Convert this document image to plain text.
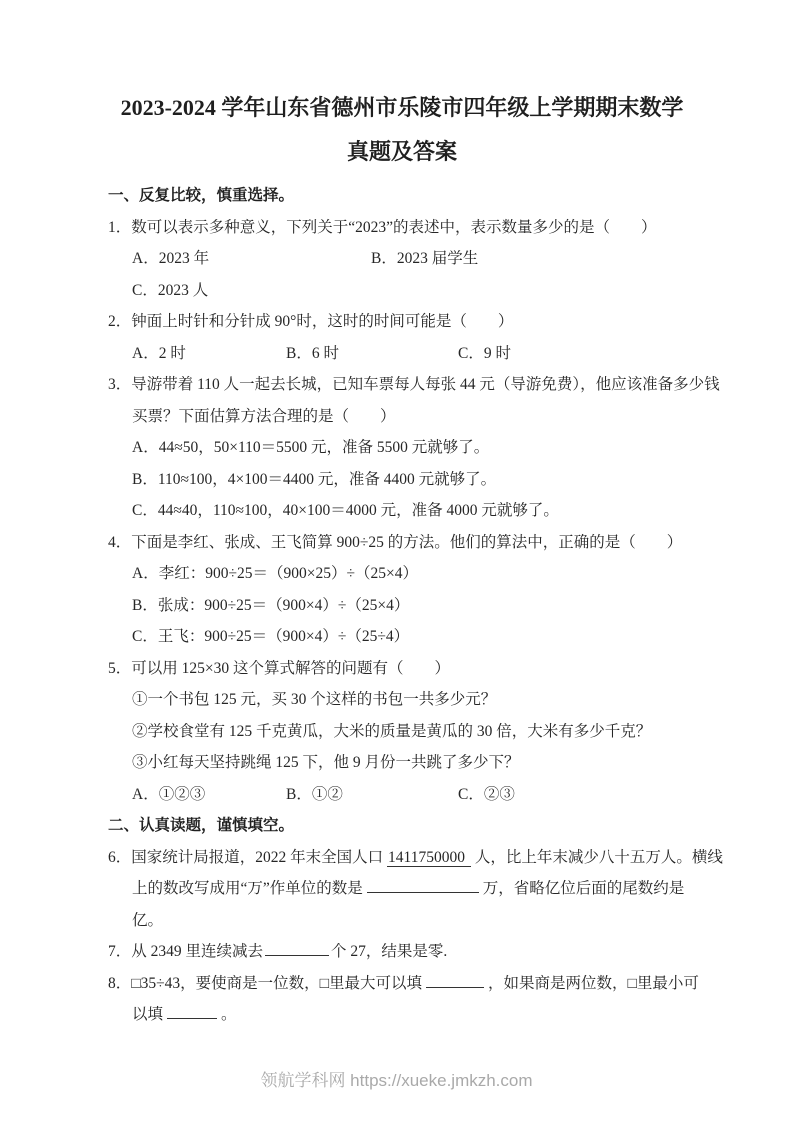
2023-2024 学年山东省德州市乐陵市四年级上学期期末数学
真题及答案
一、反复比较，慎重选择。
1．数可以表示多种意义，下列关于“2023”的表述中，表示数量多少的是（　　）
A．2023 年	B．2023 届学生
C．2023 人
2．钟面上时针和分针成 90°时，这时的时间可能是（　　）
A．2 时	B．6 时	C．9 时
3．导游带着 110 人一起去长城，已知车票每人每张 44 元（导游免费），他应该准备多少钱
买票？下面估算方法合理的是（　　）
A．44≈50，50×110＝5500 元，准备 5500 元就够了。
B．110≈100，4×100＝4400 元，准备 4400 元就够了。
C．44≈40，110≈100，40×100＝4000 元，准备 4000 元就够了。
4．下面是李红、张成、王飞简算 900÷25 的方法。他们的算法中，正确的是（　　）
A．李红：900÷25＝（900×25）÷（25×4）
B．张成：900÷25＝（900×4）÷（25×4）
C．王飞：900÷25＝（900×4）÷（25÷4）
5．可以用 125×30 这个算式解答的问题有（　　）
①一个书包 125 元，买 30 个这样的书包一共多少元？
②学校食堂有 125 千克黄瓜，大米的质量是黄瓜的 30 倍，大米有多少千克？
③小红每天坚持跳绳 125 下，他 9 月份一共跳了多少下？
A．①②③	B．①②	C．②③
二、认真读题，谨慎填空。
6．国家统计局报道，2022 年末全国人口 1411750000 人，比上年末减少八十五万人。横线
上的数改写成用“万”作单位的数是	万，省略亿位后面的尾数约是
亿。
7．从 2349 里连续减去	个 27，结果是零.
8．□35÷43，要使商是一位数，□里最大可以填	，如果商是两位数，□里最小可
以填	。
领航学科网 https://xueke.jmkzh.com
